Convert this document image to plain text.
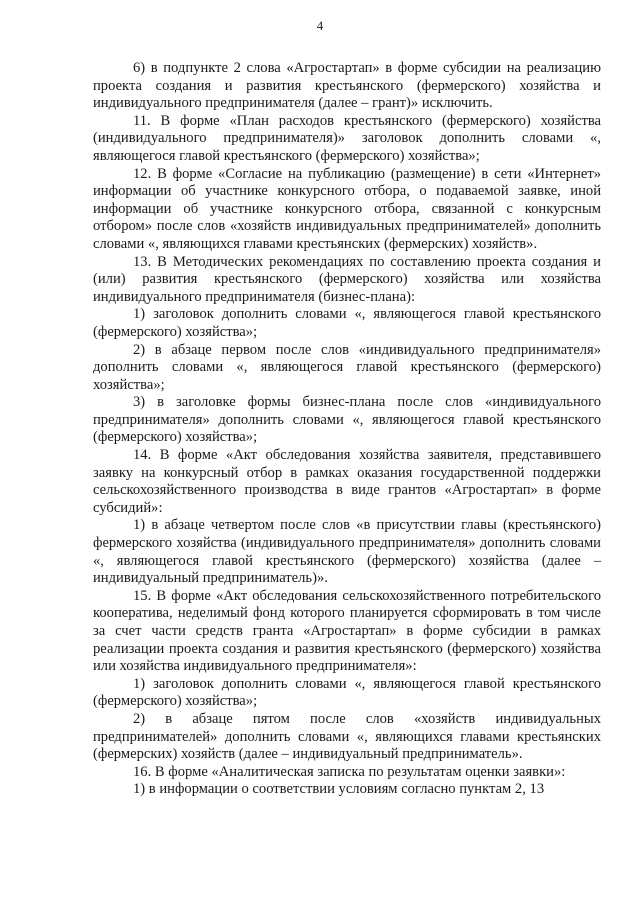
4

6) в подпункте 2 слова «Агростартап» в форме субсидии на реализацию проекта создания и развития крестьянского (фермерского) хозяйства и индивидуального предпринимателя (далее – грант)» исключить.

11. В форме «План расходов крестьянского (фермерского) хозяйства (индивидуального предпринимателя)» заголовок дополнить словами «, являющегося главой крестьянского (фермерского) хозяйства»;

12. В форме «Согласие на публикацию (размещение) в сети «Интернет» информации об участнике конкурсного отбора, о подаваемой заявке, иной информации об участнике конкурсного отбора, связанной с конкурсным отбором» после слов «хозяйств индивидуальных предпринимателей» дополнить словами «, являющихся главами крестьянских (фермерских) хозяйств».

13. В Методических рекомендациях по составлению проекта создания и (или) развития крестьянского (фермерского) хозяйства или хозяйства индивидуального предпринимателя (бизнес-плана):

1) заголовок дополнить словами «, являющегося главой крестьянского (фермерского) хозяйства»;

2) в абзаце первом после слов «индивидуального предпринимателя» дополнить словами «, являющегося главой крестьянского (фермерского) хозяйства»;

3) в заголовке формы бизнес-плана после слов «индивидуального предпринимателя» дополнить словами «, являющегося главой крестьянского (фермерского) хозяйства»;

14. В форме «Акт обследования хозяйства заявителя, представившего заявку на конкурсный отбор в рамках оказания государственной поддержки сельскохозяйственного производства в виде грантов «Агростартап» в форме субсидий»:

1) в абзаце четвертом после слов «в присутствии главы (крестьянского) фермерского хозяйства (индивидуального предпринимателя» дополнить словами «, являющегося главой крестьянского (фермерского) хозяйства (далее – индивидуальный предприниматель)».

15. В форме «Акт обследования сельскохозяйственного потребительского кооператива, неделимый фонд которого планируется сформировать в том числе за счет части средств гранта «Агростартап» в форме субсидии в рамках реализации проекта создания и развития крестьянского (фермерского) хозяйства или хозяйства индивидуального предпринимателя»:

1) заголовок дополнить словами «, являющегося главой крестьянского (фермерского) хозяйства»;

2) в абзаце пятом после слов «хозяйств индивидуальных предпринимателей» дополнить словами «, являющихся главами крестьянских (фермерских) хозяйств (далее – индивидуальный предприниматель».

16. В форме «Аналитическая записка по результатам оценки заявки»:

1) в информации о соответствии условиям согласно пунктам 2, 13
